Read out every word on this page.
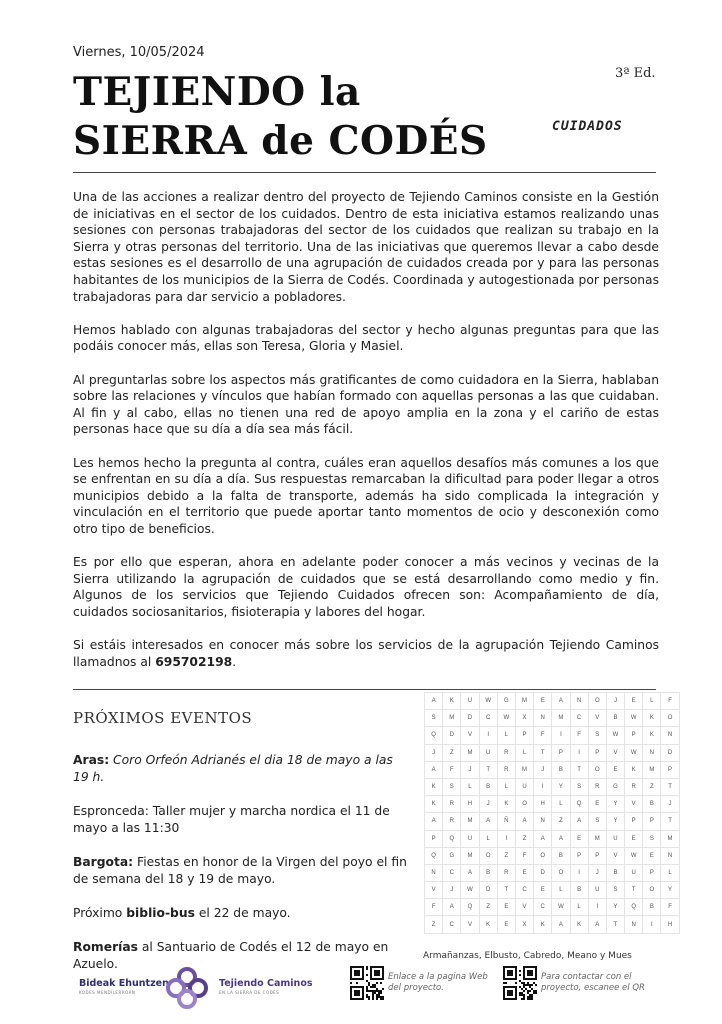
Viernes, 10/05/2024
3ª Ed.
TEJIENDO la
SIERRA de CODÉS	CUIDADOS

Una de las acciones a realizar dentro del proyecto de Tejiendo Caminos consiste en la Gestión de iniciativas en el sector de los cuidados. Dentro de esta iniciativa estamos realizando unas sesiones con personas trabajadoras del sector de los cuidados que realizan su trabajo en la Sierra y otras personas del territorio. Una de las iniciativas que queremos llevar a cabo desde estas sesiones es el desarrollo de una agrupación de cuidados creada por y para las personas habitantes de los municipios de la Sierra de Codés. Coordinada y autogestionada por personas trabajadoras para dar servicio a pobladores.

Hemos hablado con algunas trabajadoras del sector y hecho algunas preguntas para que las podáis conocer más, ellas son Teresa, Gloria y Masiel.

Al preguntarlas sobre los aspectos más gratificantes de como cuidadora en la Sierra, hablaban sobre las relaciones y vínculos que habían formado con aquellas personas a las que cuidaban. Al fin y al cabo, ellas no tienen una red de apoyo amplia en la zona y el cariño de estas personas hace que su día a día sea más fácil.

Les hemos hecho la pregunta al contra, cuáles eran aquellos desafíos más comunes a los que se enfrentan en su día a día. Sus respuestas remarcaban la dificultad para poder llegar a otros municipios debido a la falta de transporte, además ha sido complicada la integración y vinculación en el territorio que puede aportar tanto momentos de ocio y desconexión como otro tipo de beneficios.

Es por ello que esperan, ahora en adelante poder conocer a más vecinos y vecinas de la Sierra utilizando la agrupación de cuidados que se está desarrollando como medio y fin. Algunos de los servicios que Tejiendo Cuidados ofrecen son: Acompañamiento de día, cuidados sociosanitarios, fisioterapia y labores del hogar.

Si estáis interesados en conocer más sobre los servicios de la agrupación Tejiendo Caminos llamadnos al 695702198.

PRÓXIMOS EVENTOS

Aras: Coro Orfeón Adrianés el dia 18 de mayo a las 19 h.

Espronceda: Taller mujer y marcha nordica el 11 de mayo a las 11:30

Bargota: Fiestas en honor de la Virgen del poyo el fin de semana del 18 y 19 de mayo.

Próximo biblio-bus el 22 de mayo.

Romerías al Santuario de Codés el 12 de mayo en Azuelo.

A	K	U	W	G	M	E	A	N	O	J	E	L	F
S	M	D	C	W	X	N	M	C	V	B	W	K	O
Q	D	V	I	L	P	F	I	F	S	W	P	K	N
J	Z	M	U	R	L	T	P	I	P	V	W	N	D
A	F	J	T	R	M	J	B	T	O	E	K	M	P
K	S	L	B	L	U	I	Y	S	R	G	R	Z	T
K	R	H	J	K	O	H	L	Q	E	Y	V	B	J
A	R	M	A	Ñ	A	N	Z	A	S	Y	P	P	T
P	Q	U	L	I	Z	A	A	E	M	U	E	S	M
Q	G	M	O	Z	F	O	B	P	P	V	W	E	N
N	C	A	B	R	E	D	O	I	J	B	U	P	L
V	J	W	D	T	C	E	L	B	U	S	T	O	Y
F	A	Q	Z	E	V	C	W	L	I	Y	Q	B	F
Z	C	V	K	E	X	K	A	K	A	T	N	I	H
Armañanzas, Elbusto, Cabredo, Meano y Mues
Bideak Ehuntzen
KODES MENDILERROAN
Tejiendo Caminos
EN LA SIERRA DE CODÉS
Enlace a la pagina Web del proyecto.
Para contactar con el proyecto, escanee el QR
